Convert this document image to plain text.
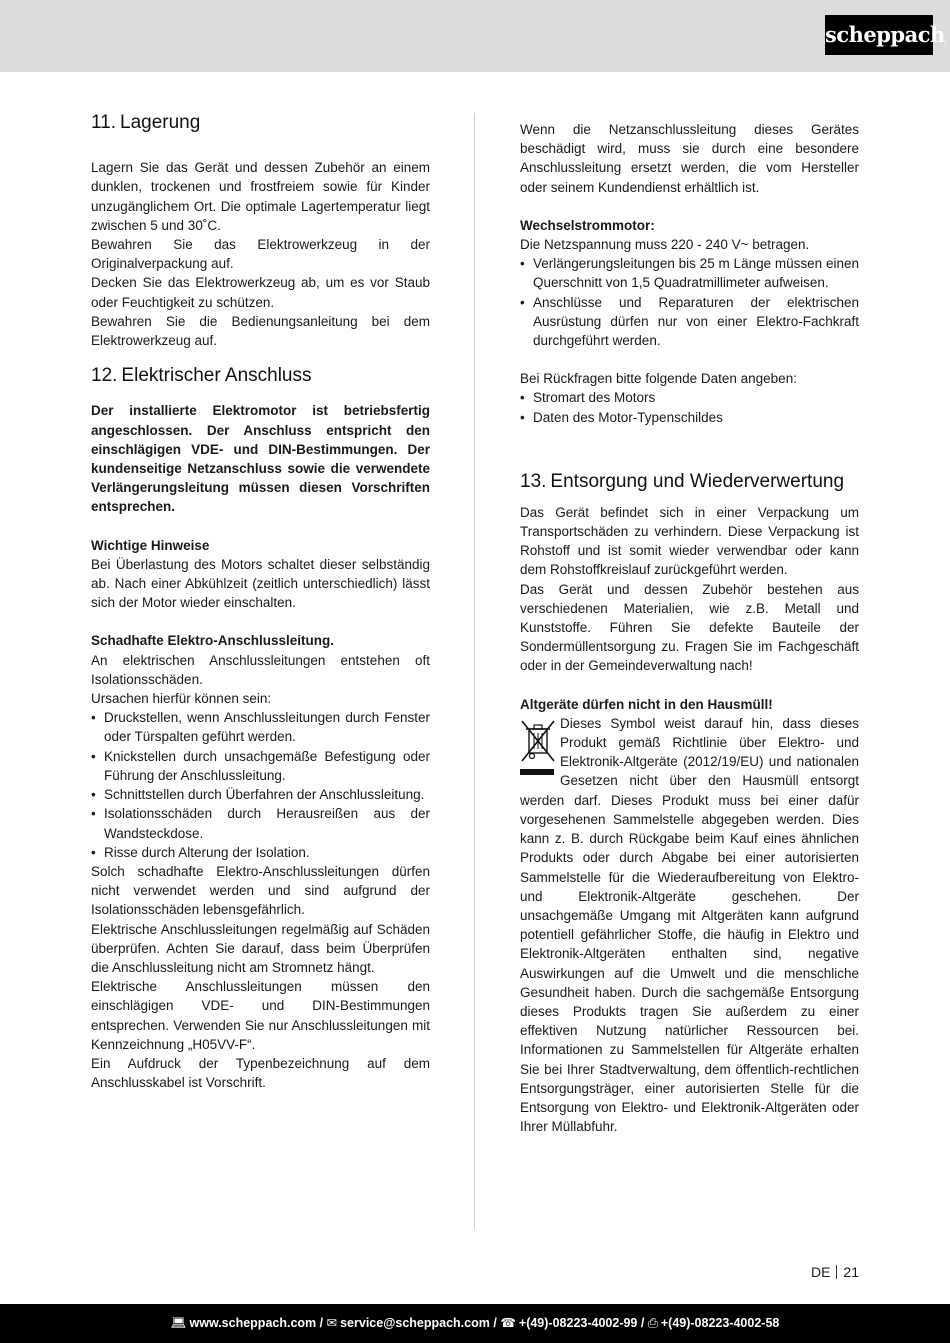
scheppach
11. Lagerung

Lagern Sie das Gerät und dessen Zubehör an einem dunklen, trockenen und frostfreiem sowie für Kinder unzugänglichem Ort. Die optimale Lagertemperatur liegt zwischen 5 und 30˚C.

Bewahren Sie das Elektrowerkzeug in der Originalverpackung auf.

Decken Sie das Elektrowerkzeug ab, um es vor Staub oder Feuchtigkeit zu schützen.

Bewahren Sie die Bedienungsanleitung bei dem Elektrowerkzeug auf.

12. Elektrischer Anschluss

Der installierte Elektromotor ist betriebsfertig angeschlossen. Der Anschluss entspricht den einschlägigen VDE- und DIN-Bestimmungen. Der kundenseitige Netzanschluss sowie die verwendete Verlängerungsleitung müssen diesen Vorschriften entsprechen.

Wichtige Hinweise

Bei Überlastung des Motors schaltet dieser selbständig ab. Nach einer Abkühlzeit (zeitlich unterschiedlich) lässt sich der Motor wieder einschalten.

Schadhafte Elektro-Anschlussleitung.

An elektrischen Anschlussleitungen entstehen oft Isolationsschäden.

Ursachen hierfür können sein:

• Druckstellen, wenn Anschlussleitungen durch Fenster oder Türspalten geführt werden.
• Knickstellen durch unsachgemäße Befestigung oder Führung der Anschlussleitung.
• Schnittstellen durch Überfahren der Anschlussleitung.
• Isolationsschäden durch Herausreißen aus der Wandsteckdose.
• Risse durch Alterung der Isolation.

Solch schadhafte Elektro-Anschlussleitungen dürfen nicht verwendet werden und sind aufgrund der Isolationsschäden lebensgefährlich.

Elektrische Anschlussleitungen regelmäßig auf Schäden überprüfen. Achten Sie darauf, dass beim Überprüfen die Anschlussleitung nicht am Stromnetz hängt.

Elektrische Anschlussleitungen müssen den einschlägigen VDE- und DIN-Bestimmungen entsprechen. Verwenden Sie nur Anschlussleitungen mit Kennzeichnung „H05VV-F“.

Ein Aufdruck der Typenbezeichnung auf dem Anschlusskabel ist Vorschrift.

Wenn die Netzanschlussleitung dieses Gerätes beschädigt wird, muss sie durch eine besondere Anschlussleitung ersetzt werden, die vom Hersteller oder seinem Kundendienst erhältlich ist.

Wechselstrommotor:

Die Netzspannung muss 220 - 240 V~ betragen.

• Verlängerungsleitungen bis 25 m Länge müssen einen Querschnitt von 1,5 Quadratmillimeter aufweisen.
• Anschlüsse und Reparaturen der elektrischen Ausrüstung dürfen nur von einer Elektro-Fachkraft durchgeführt werden.

Bei Rückfragen bitte folgende Daten angeben:

• Stromart des Motors
• Daten des Motor-Typenschildes
13. Entsorgung und Wiederverwertung

Das Gerät befindet sich in einer Verpackung um Transportschäden zu verhindern. Diese Verpackung ist Rohstoff und ist somit wieder verwendbar oder kann dem Rohstoffkreislauf zurückgeführt werden.

Das Gerät und dessen Zubehör bestehen aus verschiedenen Materialien, wie z.B. Metall und Kunststoffe. Führen Sie defekte Bauteile der Sondermüllentsorgung zu. Fragen Sie im Fachgeschäft oder in der Gemeindeverwaltung nach!

Altgeräte dürfen nicht in den Hausmüll!

Dieses Symbol weist darauf hin, dass dieses Produkt gemäß Richtlinie über Elektro- und Elektronik-Altgeräte (2012/19/EU) und nationalen Gesetzen nicht über den Hausmüll entsorgt werden darf. Dieses Produkt muss bei einer dafür vorgesehenen Sammelstelle abgegeben werden. Dies kann z. B. durch Rückgabe beim Kauf eines ähnlichen Produkts oder durch Abgabe bei einer autorisierten Sammelstelle für die Wiederaufbereitung von Elektro- und Elektronik-Altgeräte geschehen. Der unsachgemäße Umgang mit Altgeräten kann aufgrund potentiell gefährlicher Stoffe, die häufig in Elektro und Elektronik-Altgeräten enthalten sind, negative Auswirkungen auf die Umwelt und die menschliche Gesundheit haben. Durch die sachgemäße Entsorgung dieses Produkts tragen Sie außerdem zu einer effektiven Nutzung natürlicher Ressourcen bei. Informationen zu Sammelstellen für Altgeräte erhalten Sie bei Ihrer Stadtverwaltung, dem öffentlich-rechtlichen Entsorgungsträger, einer autorisierten Stelle für die Entsorgung von Elektro- und Elektronik-Altgeräten oder Ihrer Müllabfuhr.

DE 21
💻︎ www.scheppach.com / ✉︎ service@scheppach.com / ☎︎ +(49)-08223-4002-99 / ⎙ +(49)-08223-4002-58
